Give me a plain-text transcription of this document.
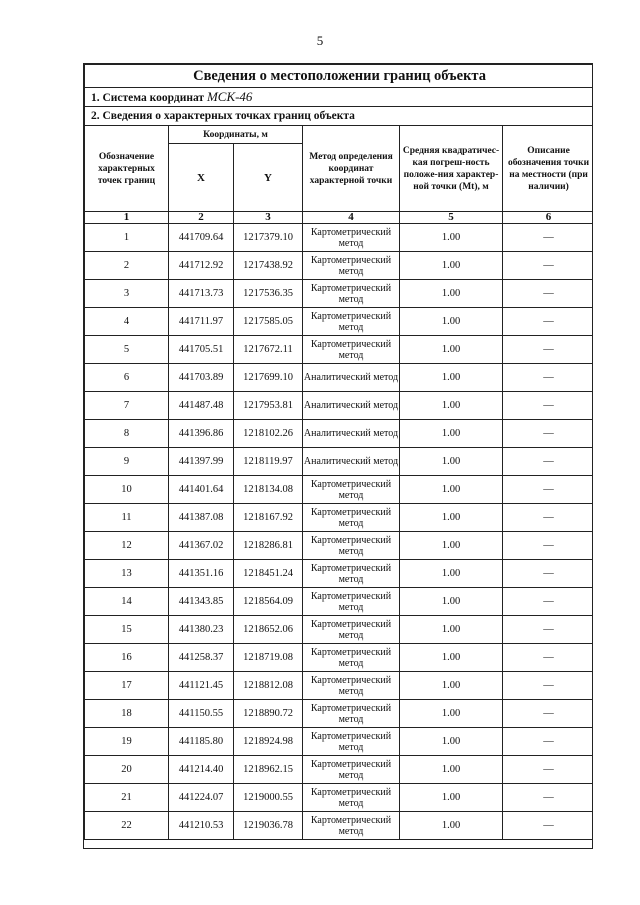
5
Сведения о местоположении границ объекта					
1. Система координат МСК-46					
2. Сведения о характерных точках границ объекта					
Обозначение характерных точек границ	Координаты, м		Метод определения координат характерной точки	Средняя квадратичес-кая погреш-ность положе-ния характер-ной точки (Mt), м	Описание обозначения точки на местности (при наличии)
	X	Y			
1	2	3	4	5	6
1	441709.64	1217379.10	Картометрический метод	1.00	—
2	441712.92	1217438.92	Картометрический метод	1.00	—
3	441713.73	1217536.35	Картометрический метод	1.00	—
4	441711.97	1217585.05	Картометрический метод	1.00	—
5	441705.51	1217672.11	Картометрический метод	1.00	—
6	441703.89	1217699.10	Аналитический метод	1.00	—
7	441487.48	1217953.81	Аналитический метод	1.00	—
8	441396.86	1218102.26	Аналитический метод	1.00	—
9	441397.99	1218119.97	Аналитический метод	1.00	—
10	441401.64	1218134.08	Картометрический метод	1.00	—
11	441387.08	1218167.92	Картометрический метод	1.00	—
12	441367.02	1218286.81	Картометрический метод	1.00	—
13	441351.16	1218451.24	Картометрический метод	1.00	—
14	441343.85	1218564.09	Картометрический метод	1.00	—
15	441380.23	1218652.06	Картометрический метод	1.00	—
16	441258.37	1218719.08	Картометрический метод	1.00	—
17	441121.45	1218812.08	Картометрический метод	1.00	—
18	441150.55	1218890.72	Картометрический метод	1.00	—
19	441185.80	1218924.98	Картометрический метод	1.00	—
20	441214.40	1218962.15	Картометрический метод	1.00	—
21	441224.07	1219000.55	Картометрический метод	1.00	—
22	441210.53	1219036.78	Картометрический метод	1.00	—
